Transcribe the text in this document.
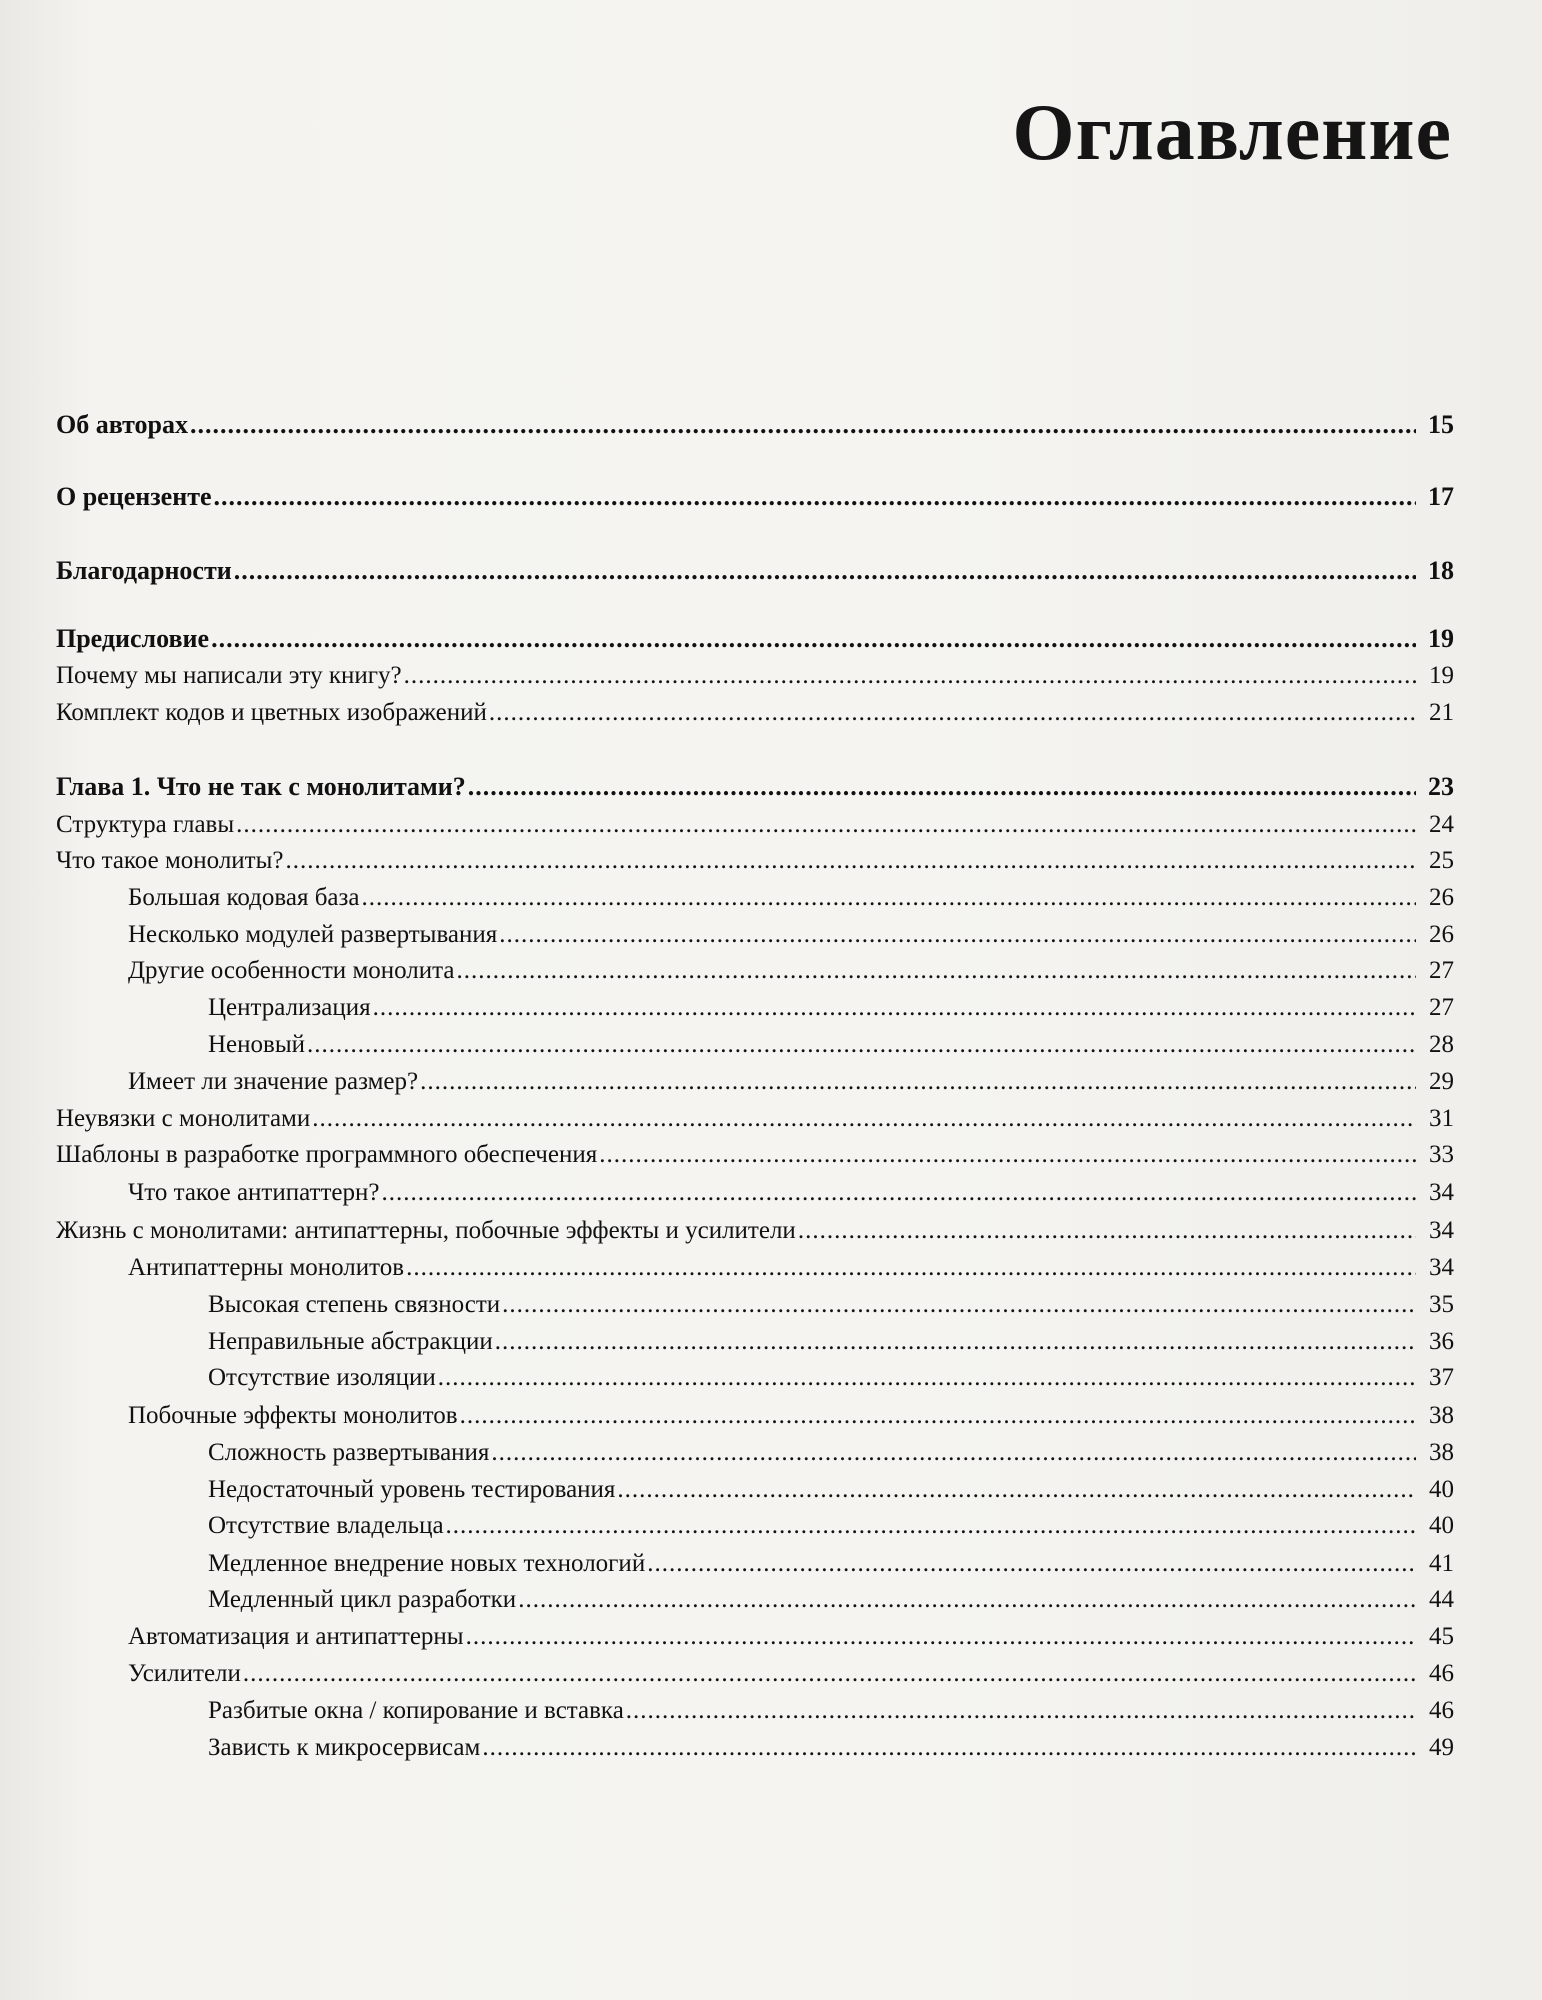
Оглавление
Об авторах .....	15
О рецензенте .....	17
Благодарности .....	18
Предисловие .....	19
Почему мы написали эту книгу? .....	19
Комплект кодов и цветных изображений .....	21
Глава 1. Что не так с монолитами? .....	23
Структура главы .....	24
Что такое монолиты? .....	25
Большая кодовая база .....	26
Несколько модулей развертывания .....	26
Другие особенности монолита .....	27
Централизация .....	27
Неновый .....	28
Имеет ли значение размер? .....	29
Неувязки с монолитами .....	31
Шаблоны в разработке программного обеспечения .....	33
Что такое антипаттерн? .....	34
Жизнь с монолитами: антипаттерны, побочные эффекты и усилители .....	34
Антипаттерны монолитов .....	34
Высокая степень связности .....	35
Неправильные абстракции .....	36
Отсутствие изоляции .....	37
Побочные эффекты монолитов .....	38
Сложность развертывания .....	38
Недостаточный уровень тестирования .....	40
Отсутствие владельца .....	40
Медленное внедрение новых технологий .....	41
Медленный цикл разработки .....	44
Автоматизация и антипаттерны .....	45
Усилители .....	46
Разбитые окна / копирование и вставка .....	46
Зависть к микросервисам .....	49
